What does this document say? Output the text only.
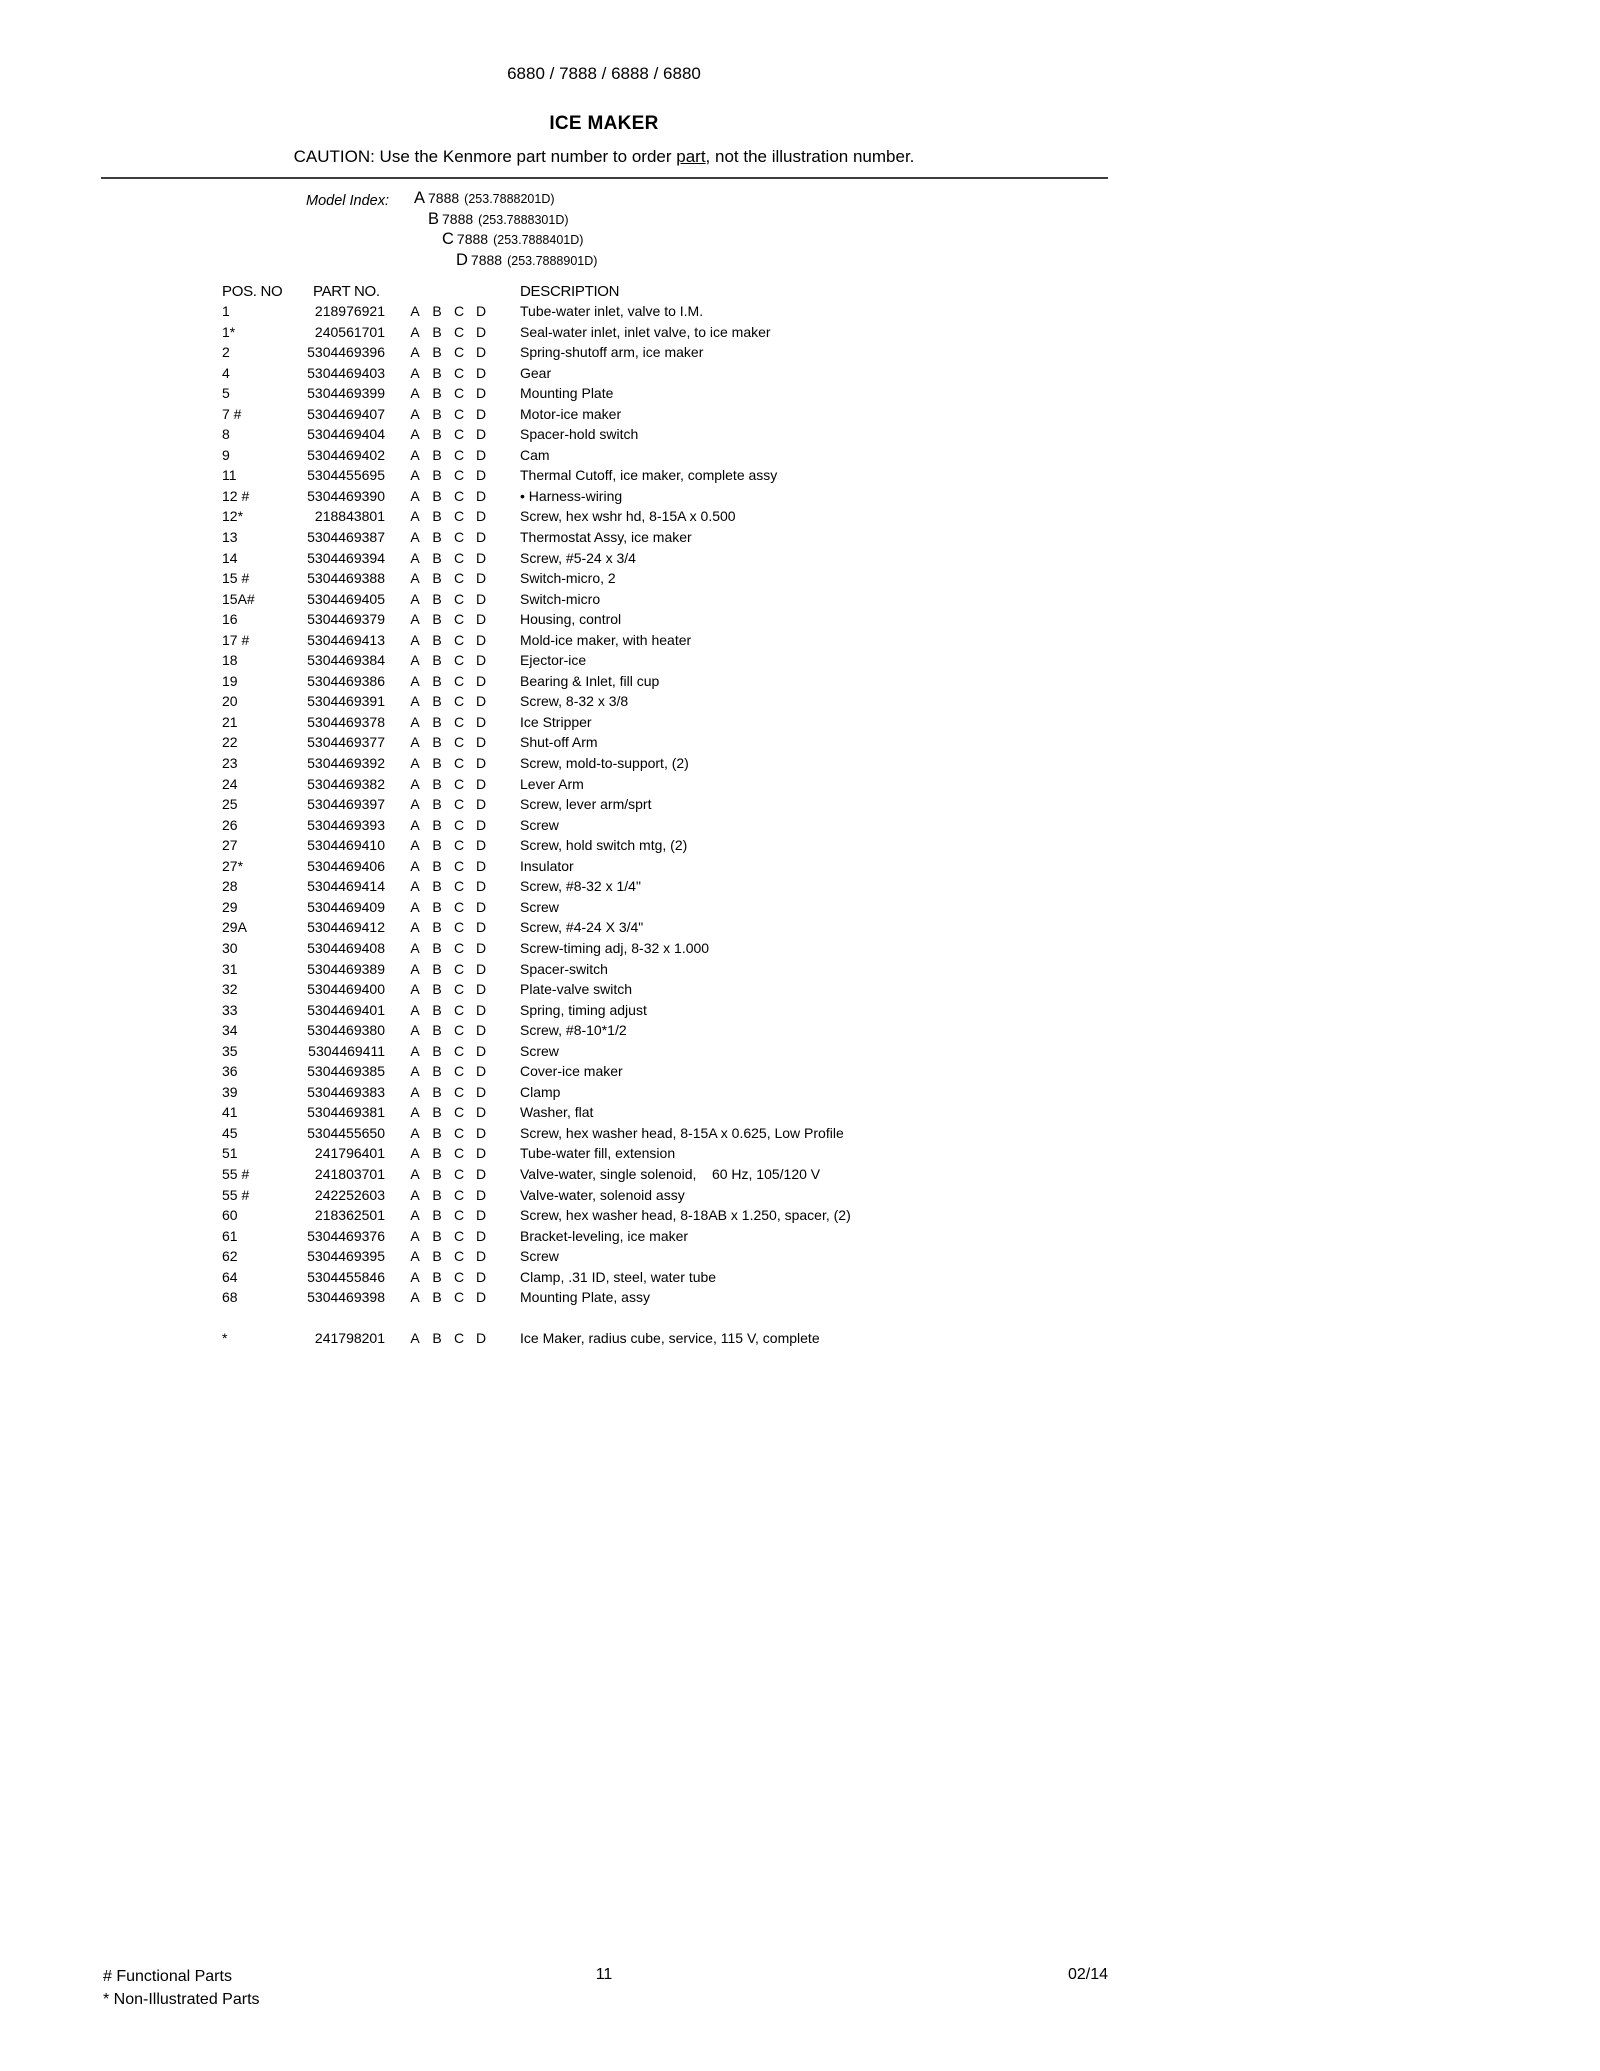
6880 / 7888 / 6888 / 6880
ICE MAKER
CAUTION: Use the Kenmore part number to order part, not the illustration number.
Model Index: A 7888 (253.7888201D)
B 7888 (253.7888301D)
C 7888 (253.7888401D)
D 7888 (253.7888901D)
POS. NO PART NO.	DESCRIPTION
1	218976921	A B C D	Tube-water inlet, valve to I.M.
1*	240561701	A B C D	Seal-water inlet, inlet valve, to ice maker
2	5304469396	A B C D	Spring-shutoff arm, ice maker
4	5304469403	A B C D	Gear
5	5304469399	A B C D	Mounting Plate
7 #	5304469407	A B C D	Motor-ice maker
8	5304469404	A B C D	Spacer-hold switch
9	5304469402	A B C D	Cam
11	5304455695	A B C D	Thermal Cutoff, ice maker, complete assy
12 #	5304469390	A B C D	• Harness-wiring
12*	218843801	A B C D	Screw, hex wshr hd, 8-15A x 0.500
13	5304469387	A B C D	Thermostat Assy, ice maker
14	5304469394	A B C D	Screw, #5-24 x 3/4
15 #	5304469388	A B C D	Switch-micro, 2
15A#	5304469405	A B C D	Switch-micro
16	5304469379	A B C D	Housing, control
17 #	5304469413	A B C D	Mold-ice maker, with heater
18	5304469384	A B C D	Ejector-ice
19	5304469386	A B C D	Bearing & Inlet, fill cup
20	5304469391	A B C D	Screw, 8-32 x 3/8
21	5304469378	A B C D	Ice Stripper
22	5304469377	A B C D	Shut-off Arm
23	5304469392	A B C D	Screw, mold-to-support, (2)
24	5304469382	A B C D	Lever Arm
25	5304469397	A B C D	Screw, lever arm/sprt
26	5304469393	A B C D	Screw
27	5304469410	A B C D	Screw, hold switch mtg, (2)
27*	5304469406	A B C D	Insulator
28	5304469414	A B C D	Screw, #8-32 x 1/4"
29	5304469409	A B C D	Screw
29A	5304469412	A B C D	Screw, #4-24 X 3/4"
30	5304469408	A B C D	Screw-timing adj, 8-32 x 1.000
31	5304469389	A B C D	Spacer-switch
32	5304469400	A B C D	Plate-valve switch
33	5304469401	A B C D	Spring, timing adjust
34	5304469380	A B C D	Screw, #8-10*1/2
35	5304469411	A B C D	Screw
36	5304469385	A B C D	Cover-ice maker
39	5304469383	A B C D	Clamp
41	5304469381	A B C D	Washer, flat
45	5304455650	A B C D	Screw, hex washer head, 8-15A x 0.625, Low Profile
51	241796401	A B C D	Tube-water fill, extension
55 #	241803701	A B C D	Valve-water, single solenoid,    60 Hz, 105/120 V
55 #	242252603	A B C D	Valve-water, solenoid assy
60	218362501	A B C D	Screw, hex washer head, 8-18AB x 1.250, spacer, (2)
61	5304469376	A B C D	Bracket-leveling, ice maker
62	5304469395	A B C D	Screw
64	5304455846	A B C D	Clamp, .31 ID, steel, water tube
68	5304469398	A B C D	Mounting Plate, assy
*	241798201	A B C D	Ice Maker, radius cube, service, 115 V, complete
# Functional Parts
* Non-Illustrated Parts
11	02/14
